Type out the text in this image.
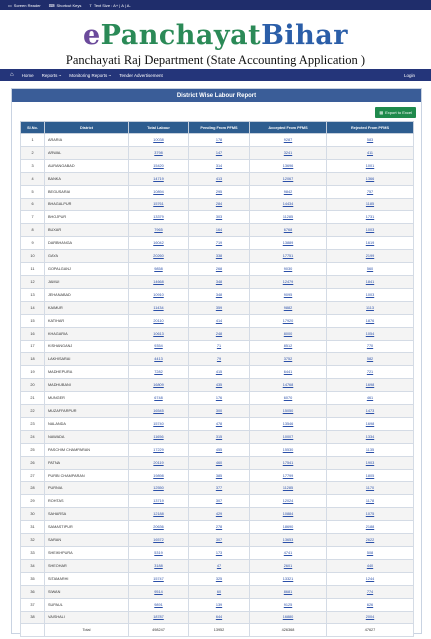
▭ Screen Reader ⌨ Shortcut Keys T Text Size : A+ | A | A-
ePanchayatBihar
Panchayati Raj Department (State Accounting Application )
⌂ Home Reports ~ Monitoring Reports ~ Tender Advertisement	Login
District Wise Labour Report
▦ Export to Excel
Sl.No.	District	Total Labour	Pending From PFMS	Accepted From PFMS	Rejected From PFMS
1	ARARIA	10038	178	9287	583
2	ARWAL	3798	147	3241	411
3	AURANGABAD	15420	314	13696	1001
4	BANKA	14719	413	12067	1366
5	BEGUSARAI	10894	295	9842	757
6	BHAGALPUR	15761	284	14434	1185
7	BHOJPUR	13379	303	11285	1731
8	BUXAR	7965	164	6768	1003
9	DARBHANGA	16042	719	13889	1619
10	GAYA	20260	338	17751	2199
11	GOPALGANJ	9858	268	9030	560
12	JAMUI	14668	348	12479	1841
13	JEHANABAD	10910	348	9095	1003
14	KAIMUR	11434	359	9882	1113
15	KATIHAR	20110	414	17920	1876
16	KHAGARIA	10613	248	8000	1054
17	KISHANGANJ	9354	71	8512	770
18	LAKHISARAI	4413	79	3752	582
19	MADHEPURA	7282	415	6441	721
20	MADHUBANI	16809	435	14768	1698
21	MUNGER	6748	176	6070	461
22	MUZAFFARPUR	16545	300	15050	1473
23	NALANDA	15740	478	13546	1698
24	NAWADA	11656	315	10007	1334
25	PASCHIM CHAMPARAN	17229	455	15530	1135
26	PATNA	20119	460	17541	1903
27	PURBI CHAMPARAN	19898	385	17799	1805
28	PURNIA	12550	377	11285	1170
29	ROHTAS	13719	307	12024	1178
30	SAHARSA	12188	429	10884	1075
31	SAMASTIPUR	20636	278	18690	2188
32	SARAN	16572	307	13653	2622
33	SHEIKHPURA	5319	173	4741	508
34	SHEOHAR	3188	47	2601	440
35	SITAMARHI	15747	325	13321	1244
36	SIWAN	9514	60	8681	774
37	SUPAUL	9891	139	9125	626
38	VAISHALI	18787	644	16880	2004
	Total	498247	13952	426368	47627
